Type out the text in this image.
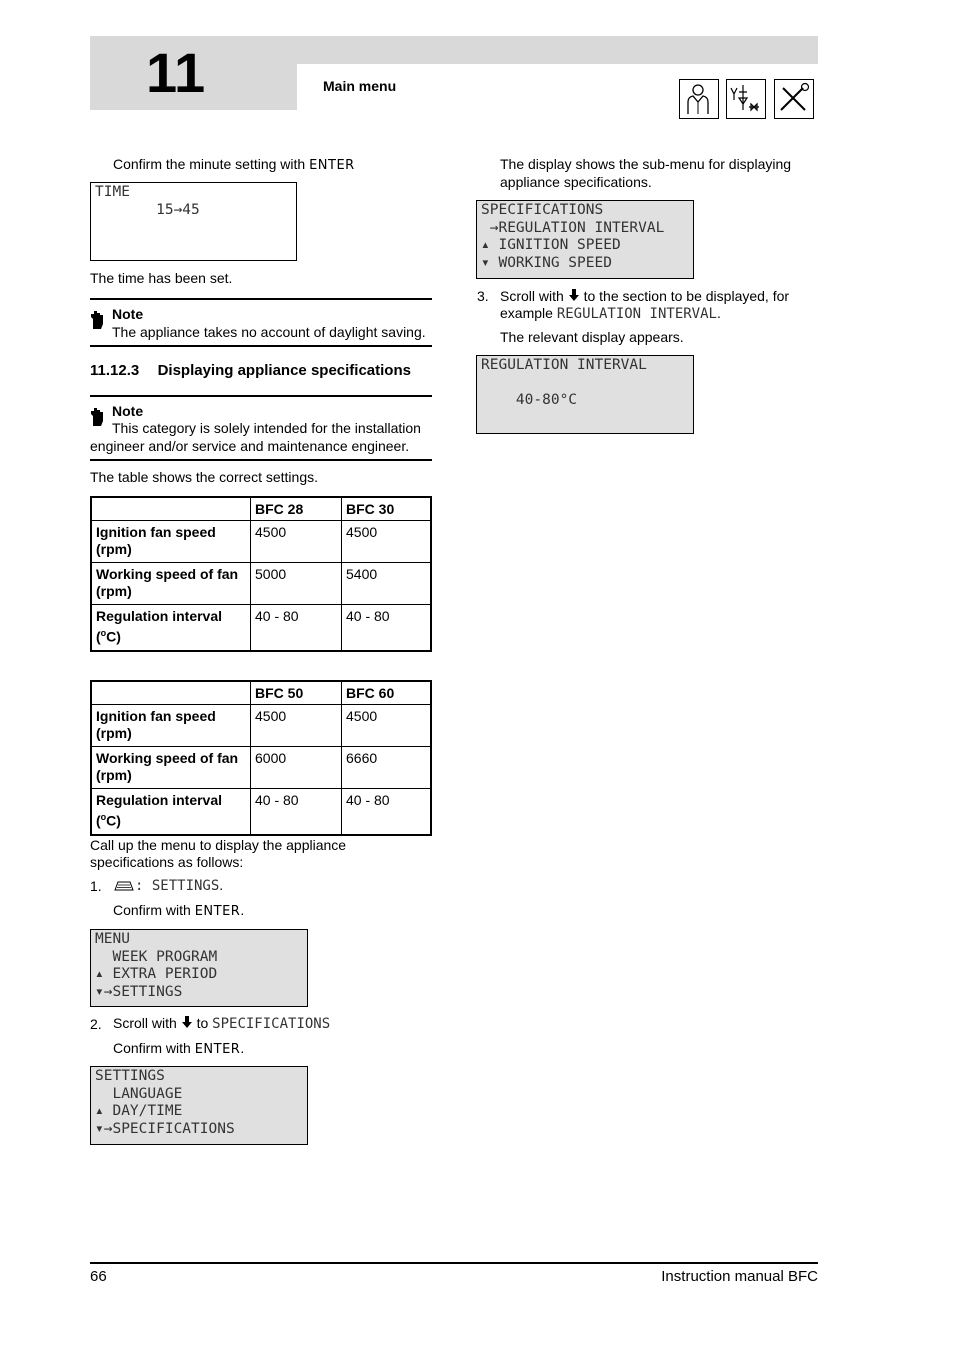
11	Main menu
Confirm the minute setting with ENTER
TIME
15→45
The time has been set.
Note
The appliance takes no account of daylight saving.
11.12.3 Displaying appliance specifications
Note
This category is solely intended for the installation
engineer and/or service and maintenance engineer.
The table shows the correct settings.
	BFC 28	BFC 30
Ignition fan speed
(rpm)	4500	4500
Working speed of fan
(rpm)	5000	5400
Regulation interval
($^o$C)	40 - 80	40 - 80
	BFC 50	BFC 60
Ignition fan speed
(rpm)	4500	4500
Working speed of fan
(rpm)	6000	6660
Regulation interval
($^o$C)	40 - 80	40 - 80
Call up the menu to display the appliance
specifications as follows:
1.	: SETTINGS.
Confirm with ENTER.
MENU
WEEK PROGRAM
▴ EXTRA PERIOD
▾→SETTINGS
2. Scroll with to SPECIFICATIONS
Confirm with ENTER.
SETTINGS
LANGUAGE
▴ DAY/TIME
▾→SPECIFICATIONS
The display shows the sub-menu for displaying
appliance specifications.
SPECIFICATIONS
→REGULATION INTERVAL
▴ IGNITION SPEED
▾ WORKING SPEED
3. Scroll with to the section to be displayed, for
example REGULATION INTERVAL.
The relevant display appears.
REGULATION INTERVAL
40-80°C
66	Instruction manual BFC
